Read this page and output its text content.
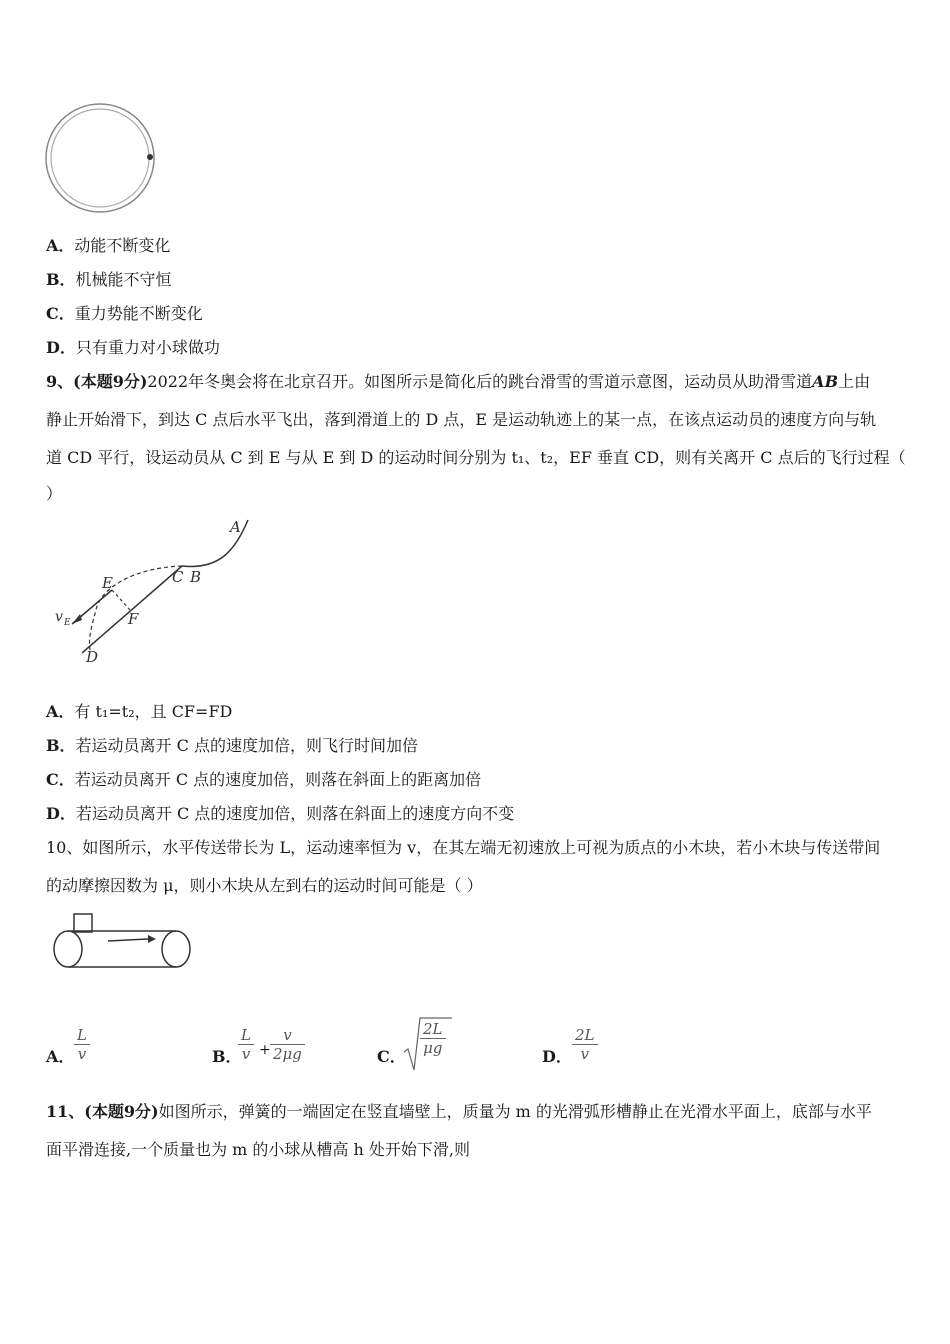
A．动能不断变化
B．机械能不守恒
C．重力势能不断变化
D．只有重力对小球做功
9、(本题9分)2022年冬奥会将在北京召开。如图所示是简化后的跳台滑雪的雪道示意图，运动员从助滑雪道AB上由
静止开始滑下，到达 C 点后水平飞出，落到滑道上的 D 点，E 是运动轨迹上的某一点，在该点运动员的速度方向与轨
道 CD 平行，设运动员从 C 到 E 与从 E 到 D 的运动时间分别为 t₁、t₂，EF 垂直 CD，则有关离开 C 点后的飞行过程（
）
A
C B
E
F
D
v E
A．有 t₁=t₂，且 CF=FD
B．若运动员离开 C 点的速度加倍，则飞行时间加倍
C．若运动员离开 C 点的速度加倍，则落在斜面上的距离加倍
D．若运动员离开 C 点的速度加倍，则落在斜面上的速度方向不变
10、如图所示，水平传送带长为 L，运动速率恒为 v，在其左端无初速放上可视为质点的小木块，若小木块与传送带间
的动摩擦因数为 μ，则小木块从左到右的运动时间可能是（ ）
A． $\frac{L}{v}$	B．
$\frac{L}{v} + \frac{v}{2\mu g}$	C． $\frac{2L}{\mu g}$	D． $\frac{2L}{v}$
11、(本题9分)如图所示，弹簧的一端固定在竖直墙壁上，质量为 m 的光滑弧形槽静止在光滑水平面上，底部与水平
面平滑连接,一个质量也为 m 的小球从槽高 h 处开始下滑,则
